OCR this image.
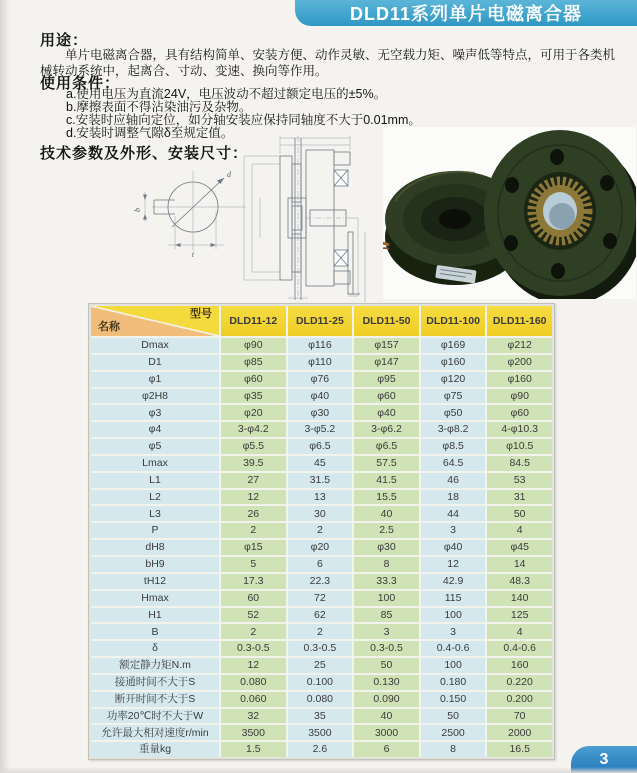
DLD11系列单片电磁离合器
用途：
单片电磁离合器，具有结构简单、安装方便、动作灵敏、无空载力矩、噪声低等特点，可用于各类机械转动系统中，起离合、寸动、变速、换向等作用。
使用条件：
a.使用电压为直流24V，电压波动不超过额定电压的±5%。
b.摩擦表面不得沾染油污及杂物。
c.安装时应轴向定位，如分轴安装应保持同轴度不大于0.01mm。
d.安装时调整气隙δ至规定值。
技术参数及外形、安装尺寸：
d
b
t
型号
名称
DLD11-12	DLD11-25	DLD11-50	DLD11-100	DLD11-160
Dmax	φ90	φ116	φ157	φ169	φ212
D1	φ85	φ110	φ147	φ160	φ200
φ1	φ60	φ76	φ95	φ120	φ160
φ2H8	φ35	φ40	φ60	φ75	φ90
φ3	φ20	φ30	φ40	φ50	φ60
φ4	3-φ4.2	3-φ5.2	3-φ6.2	3-φ8.2	4-φ10.3
φ5	φ5.5	φ6.5	φ6.5	φ8.5	φ10.5
Lmax	39.5	45	57.5	64.5	84.5
L1	27	31.5	41.5	46	53
L2	12	13	15.5	18	31
L3	26	30	40	44	50
P	2	2	2.5	3	4
dH8	φ15	φ20	φ30	φ40	φ45
bH9	5	6	8	12	14
tH12	17.3	22.3	33.3	42.9	48.3
Hmax	60	72	100	115	140
H1	52	62	85	100	125
B	2	2	3	3	4
δ	0.3-0.5	0.3-0.5	0.3-0.5	0.4-0.6	0.4-0.6
额定静力矩N.m	12	25	50	100	160
接通时间不大于S	0.080	0.100	0.130	0.180	0.220
断开时间不大于S	0.060	0.080	0.090	0.150	0.200
功率20℃时不大于W	32	35	40	50	70
允许最大相对速度r/min	3500	3500	3000	2500	2000
重量kg	1.5	2.6	6	8	16.5
3
